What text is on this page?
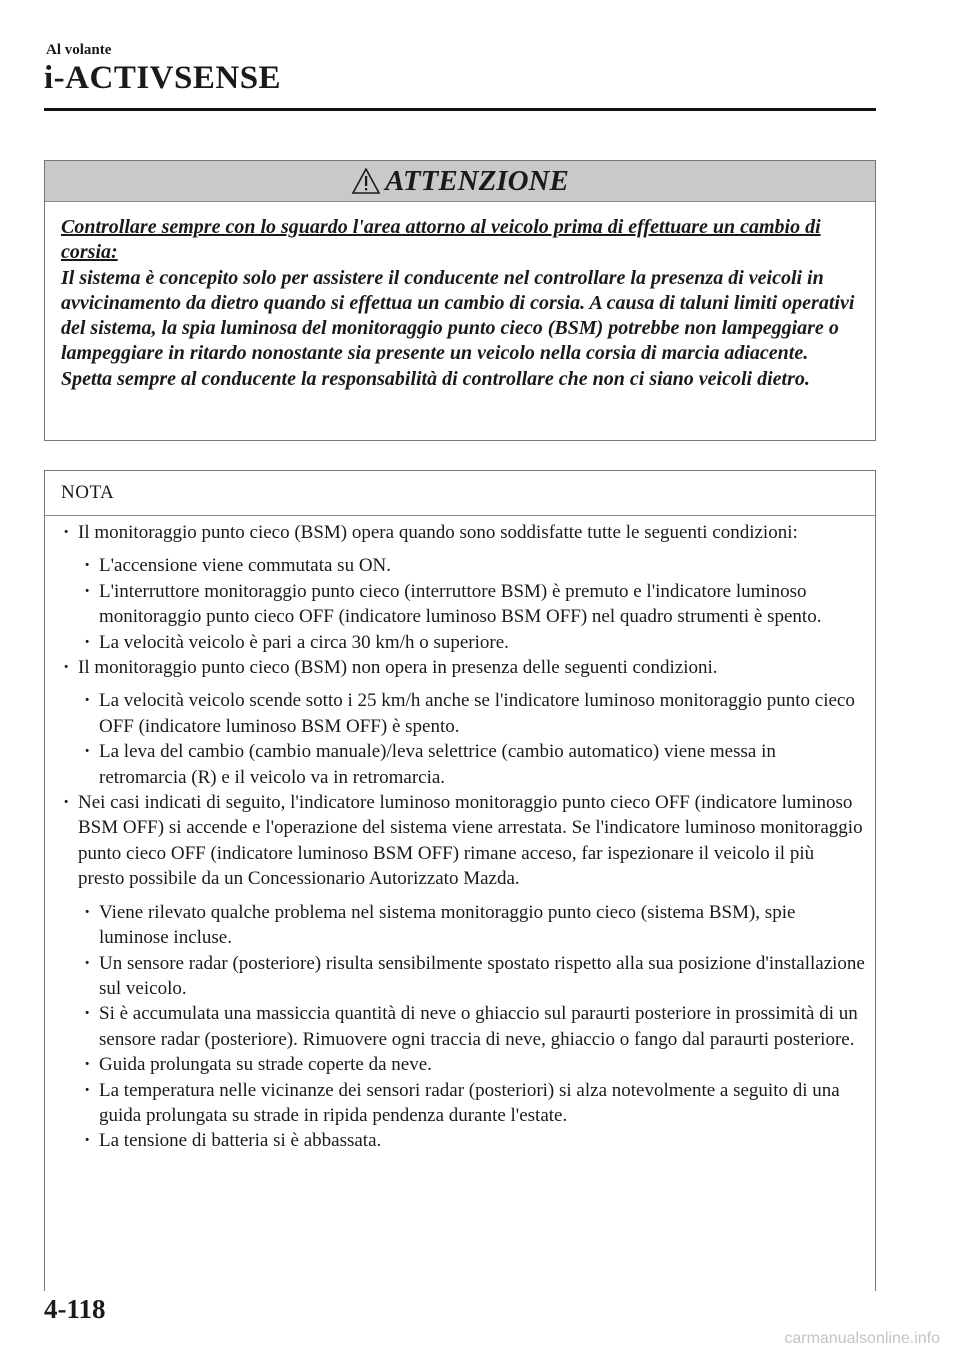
Al volante
i-ACTIVSENSE
ATTENZIONE
Controllare sempre con lo sguardo l'area attorno al veicolo prima di effettuare un cambio di corsia:
Il sistema è concepito solo per assistere il conducente nel controllare la presenza di veicoli in avvicinamento da dietro quando si effettua un cambio di corsia. A causa di taluni limiti operativi del sistema, la spia luminosa del monitoraggio punto cieco (BSM) potrebbe non lampeggiare o lampeggiare in ritardo nonostante sia presente un veicolo nella corsia di marcia adiacente. Spetta sempre al conducente la responsabilità di controllare che non ci siano veicoli dietro.
NOTA
· Il monitoraggio punto cieco (BSM) opera quando sono soddisfatte tutte le seguenti condizioni:
· L'accensione viene commutata su ON.
· L'interruttore monitoraggio punto cieco (interruttore BSM) è premuto e l'indicatore luminoso monitoraggio punto cieco OFF (indicatore luminoso BSM OFF) nel quadro strumenti è spento.
· La velocità veicolo è pari a circa 30 km/h o superiore.
· Il monitoraggio punto cieco (BSM) non opera in presenza delle seguenti condizioni.
· La velocità veicolo scende sotto i 25 km/h anche se l'indicatore luminoso monitoraggio punto cieco OFF (indicatore luminoso BSM OFF) è spento.
· La leva del cambio (cambio manuale)/leva selettrice (cambio automatico) viene messa in retromarcia (R) e il veicolo va in retromarcia.
· Nei casi indicati di seguito, l'indicatore luminoso monitoraggio punto cieco OFF (indicatore luminoso BSM OFF) si accende e l'operazione del sistema viene arrestata. Se l'indicatore luminoso monitoraggio punto cieco OFF (indicatore luminoso BSM OFF) rimane acceso, far ispezionare il veicolo il più presto possibile da un Concessionario Autorizzato Mazda.
· Viene rilevato qualche problema nel sistema monitoraggio punto cieco (sistema BSM), spie luminose incluse.
· Un sensore radar (posteriore) risulta sensibilmente spostato rispetto alla sua posizione d'installazione sul veicolo.
· Si è accumulata una massiccia quantità di neve o ghiaccio sul paraurti posteriore in prossimità di un sensore radar (posteriore). Rimuovere ogni traccia di neve, ghiaccio o fango dal paraurti posteriore.
· Guida prolungata su strade coperte da neve.
· La temperatura nelle vicinanze dei sensori radar (posteriori) si alza notevolmente a seguito di una guida prolungata su strade in ripida pendenza durante l'estate.
· La tensione di batteria si è abbassata.
4-118
carmanualsonline.info
